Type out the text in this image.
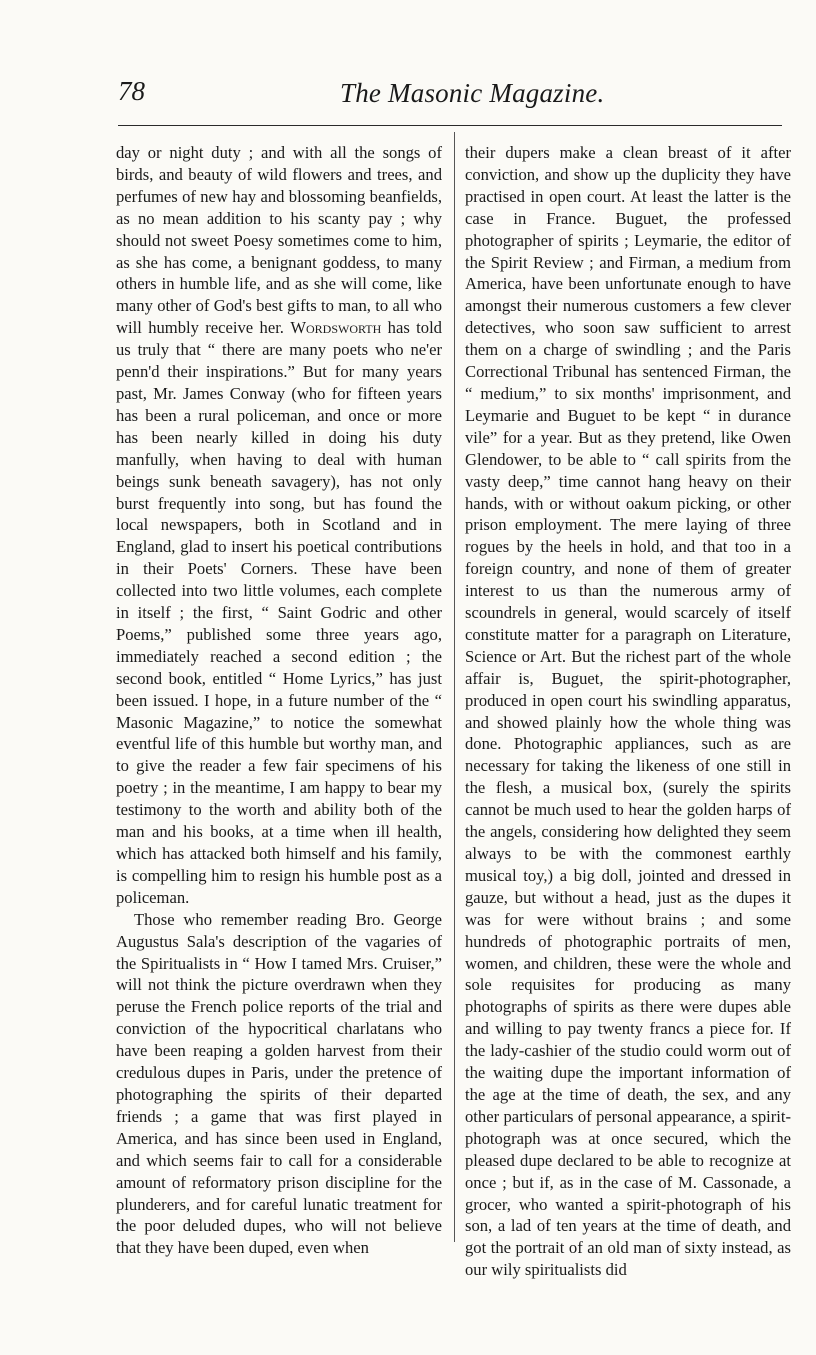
78	The Masonic Magazine.

day or night duty ; and with all the songs of birds, and beauty of wild flowers and trees, and perfumes of new hay and blossoming beanfields, as no mean addition to his scanty pay ; why should not sweet Poesy sometimes come to him, as she has come, a benignant goddess, to many others in humble life, and as she will come, like many other of God's best gifts to man, to all who will humbly receive her. Wordsworth has told us truly that “ there are many poets who ne'er penn'd their inspirations.” But for many years past, Mr. James Conway (who for fifteen years has been a rural policeman, and once or more has been nearly killed in doing his duty manfully, when having to deal with human beings sunk beneath savagery), has not only burst frequently into song, but has found the local newspapers, both in Scotland and in England, glad to insert his poetical contributions in their Poets' Corners. These have been collected into two little volumes, each complete in itself ; the first, “ Saint Godric and other Poems,” published some three years ago, immediately reached a second edition ; the second book, entitled “ Home Lyrics,” has just been issued. I hope, in a future number of the “ Masonic Magazine,” to notice the somewhat eventful life of this humble but worthy man, and to give the reader a few fair specimens of his poetry ; in the meantime, I am happy to bear my testimony to the worth and ability both of the man and his books, at a time when ill health, which has attacked both himself and his family, is compelling him to resign his humble post as a policeman.

Those who remember reading Bro. George Augustus Sala's description of the vagaries of the Spiritualists in “ How I tamed Mrs. Cruiser,” will not think the picture overdrawn when they peruse the French police reports of the trial and conviction of the hypocritical charlatans who have been reaping a golden harvest from their credulous dupes in Paris, under the pretence of photographing the spirits of their departed friends ; a game that was first played in America, and has since been used in England, and which seems fair to call for a considerable amount of reformatory prison discipline for the plunderers, and for careful lunatic treatment for the poor deluded dupes, who will not believe that they have been duped, even when

their dupers make a clean breast of it after conviction, and show up the duplicity they have practised in open court. At least the latter is the case in France. Buguet, the professed photographer of spirits ; Leymarie, the editor of the Spirit Review ; and Firman, a medium from America, have been unfortunate enough to have amongst their numerous customers a few clever detectives, who soon saw sufficient to arrest them on a charge of swindling ; and the Paris Correctional Tribunal has sentenced Firman, the “ medium,” to six months' imprisonment, and Leymarie and Buguet to be kept “ in durance vile” for a year. But as they pretend, like Owen Glendower, to be able to “ call spirits from the vasty deep,” time cannot hang heavy on their hands, with or without oakum picking, or other prison employment. The mere laying of three rogues by the heels in hold, and that too in a foreign country, and none of them of greater interest to us than the numerous army of scoundrels in general, would scarcely of itself constitute matter for a paragraph on Literature, Science or Art. But the richest part of the whole affair is, Buguet, the spirit-photographer, produced in open court his swindling apparatus, and showed plainly how the whole thing was done. Photographic appliances, such as are necessary for taking the likeness of one still in the flesh, a musical box, (surely the spirits cannot be much used to hear the golden harps of the angels, considering how delighted they seem always to be with the commonest earthly musical toy,) a big doll, jointed and dressed in gauze, but without a head, just as the dupes it was for were without brains ; and some hundreds of photographic portraits of men, women, and children, these were the whole and sole requisites for producing as many photographs of spirits as there were dupes able and willing to pay twenty francs a piece for. If the lady-cashier of the studio could worm out of the waiting dupe the important information of the age at the time of death, the sex, and any other particulars of personal appearance, a spirit-photograph was at once secured, which the pleased dupe declared to be able to recognize at once ; but if, as in the case of M. Cassonade, a grocer, who wanted a spirit-photograph of his son, a lad of ten years at the time of death, and got the portrait of an old man of sixty instead, as our wily spiritualists did
